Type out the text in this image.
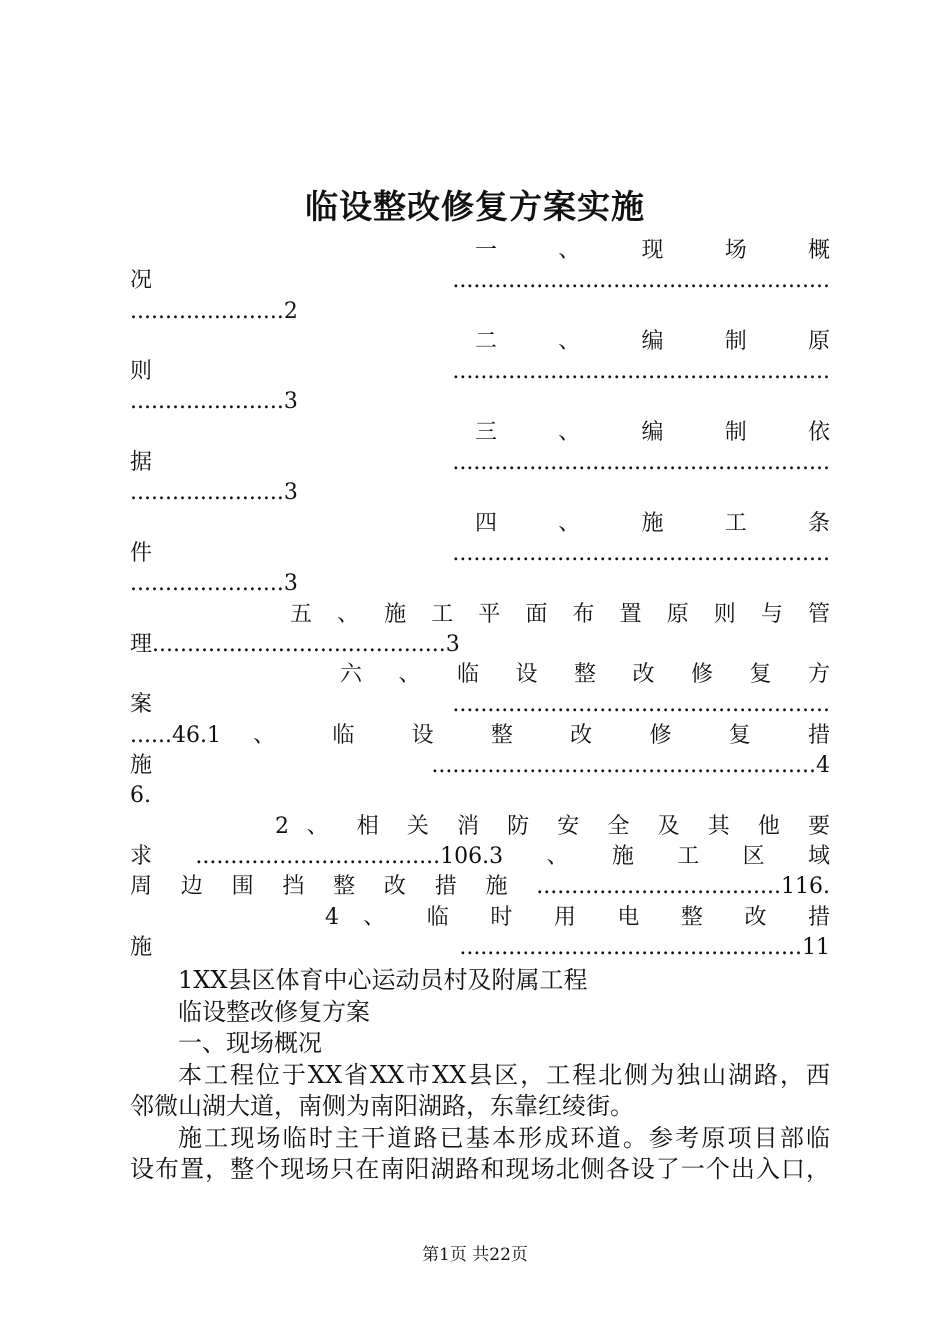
临设整改修复方案实施
一 、 现 场 概
况......................................................
......................2
二 、 编 制 原
则......................................................
......................3
三 、 编 制 依
据......................................................
......................3
四 、 施 工 条
件......................................................
......................3
五 、 施 工 平 面 布 置 原 则 与 管
理..........................................3
六 、 临 设 整 改 修 复 方
案......................................................
......46.1 、 临 设 整 改 修 复 措
施.......................................................4
6.
2 、 相 关 消 防 安 全 及 其 他 要
求...................................106.3、施工区域
周边围挡整改措施...................................116.
4 、 临 时 用 电 整 改 措
施.................................................11
1XX县区体育中心运动员村及附属工程
临设整改修复方案
一、现场概况
本工程位于XX省XX市XX县区，工程北侧为独山湖路，西
邻微山湖大道，南侧为南阳湖路，东靠红绫街。
施工现场临时主干道路已基本形成环道。参考原项目部临
设布置，整个现场只在南阳湖路和现场北侧各设了一个出入口，
第1页 共22页
